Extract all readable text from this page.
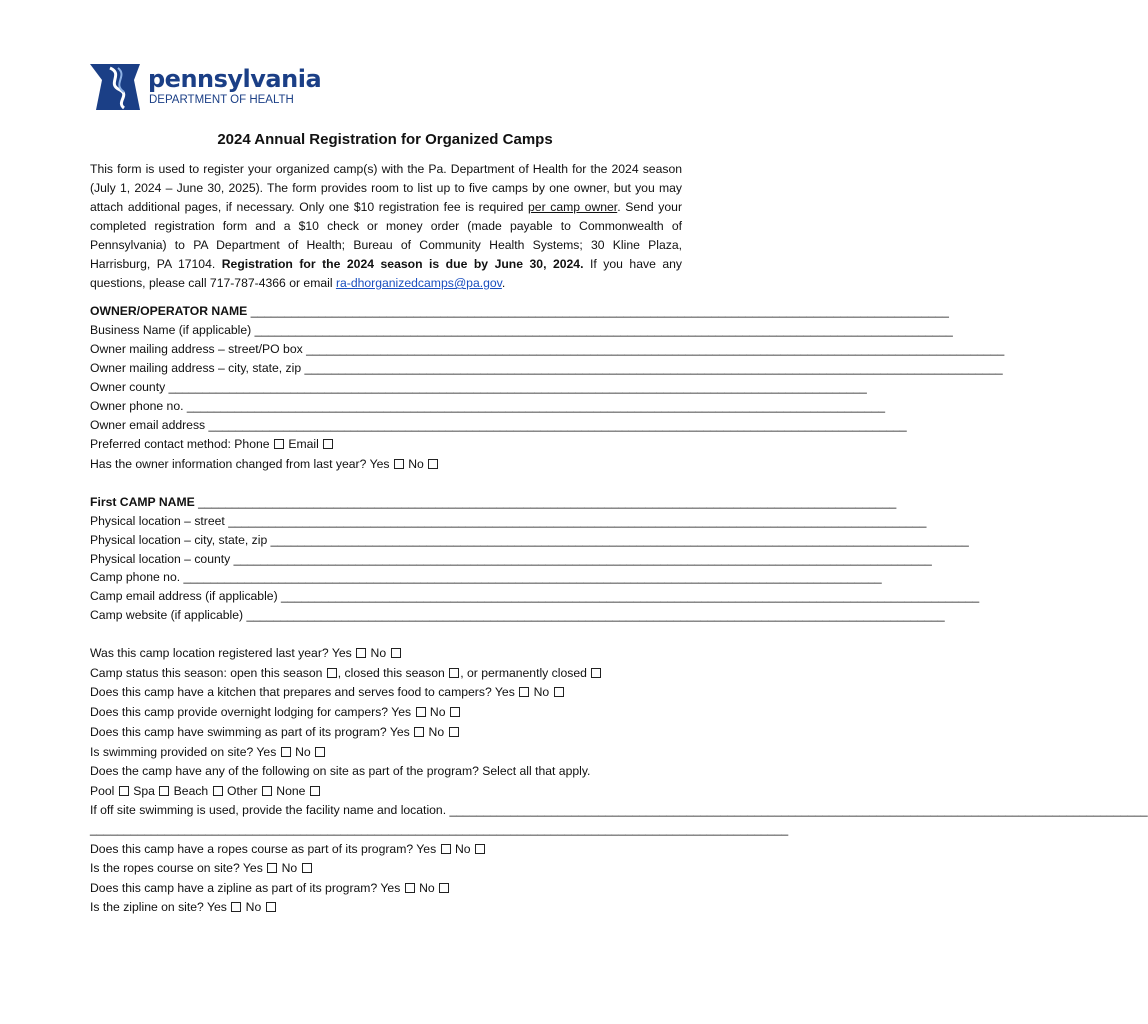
pennsylvania
DEPARTMENT OF HEALTH
2024 Annual Registration for Organized Camps
This form is used to register your organized camp(s) with the Pa. Department of Health for the 2024 season (July 1, 2024 – June 30, 2025). The form provides room to list up to five camps by one owner, but you may attach additional pages, if necessary. Only one $10 registration fee is required per camp owner. Send your completed registration form and a $10 check or money order (made payable to Commonwealth of Pennsylvania) to PA Department of Health; Bureau of Community Health Systems; 30 Kline Plaza, Harrisburg, PA 17104. Registration for the 2024 season is due by June 30, 2024. If you have any questions, please call 717-787-4366 or email ra-dhorganizedcamps@pa.gov.
OWNER/OPERATOR NAME _______________________________________________________________________________________________________
Business Name (if applicable) _______________________________________________________________________________________________________
Owner mailing address – street/PO box _______________________________________________________________________________________________________
Owner mailing address – city, state, zip _______________________________________________________________________________________________________
Owner county _______________________________________________________________________________________________________
Owner phone no. _______________________________________________________________________________________________________
Owner email address _______________________________________________________________________________________________________
Preferred contact method: Phone Email
Has the owner information changed from last year? Yes No
First CAMP NAME _______________________________________________________________________________________________________
Physical location – street _______________________________________________________________________________________________________
Physical location – city, state, zip _______________________________________________________________________________________________________
Physical location – county _______________________________________________________________________________________________________
Camp phone no. _______________________________________________________________________________________________________
Camp email address (if applicable) _______________________________________________________________________________________________________
Camp website (if applicable) _______________________________________________________________________________________________________
Was this camp location registered last year? Yes No
Camp status this season: open this season , closed this season , or permanently closed
Does this camp have a kitchen that prepares and serves food to campers? Yes No
Does this camp provide overnight lodging for campers? Yes No
Does this camp have swimming as part of its program? Yes No
Is swimming provided on site? Yes No
Does the camp have any of the following on site as part of the program? Select all that apply.
Pool Spa Beach Other None
If off site swimming is used, provide the facility name and location. _______________________________________________________________________________________________________
_______________________________________________________________________________________________________
Does this camp have a ropes course as part of its program? Yes No
Is the ropes course on site? Yes No
Does this camp have a zipline as part of its program? Yes No
Is the zipline on site? Yes No
